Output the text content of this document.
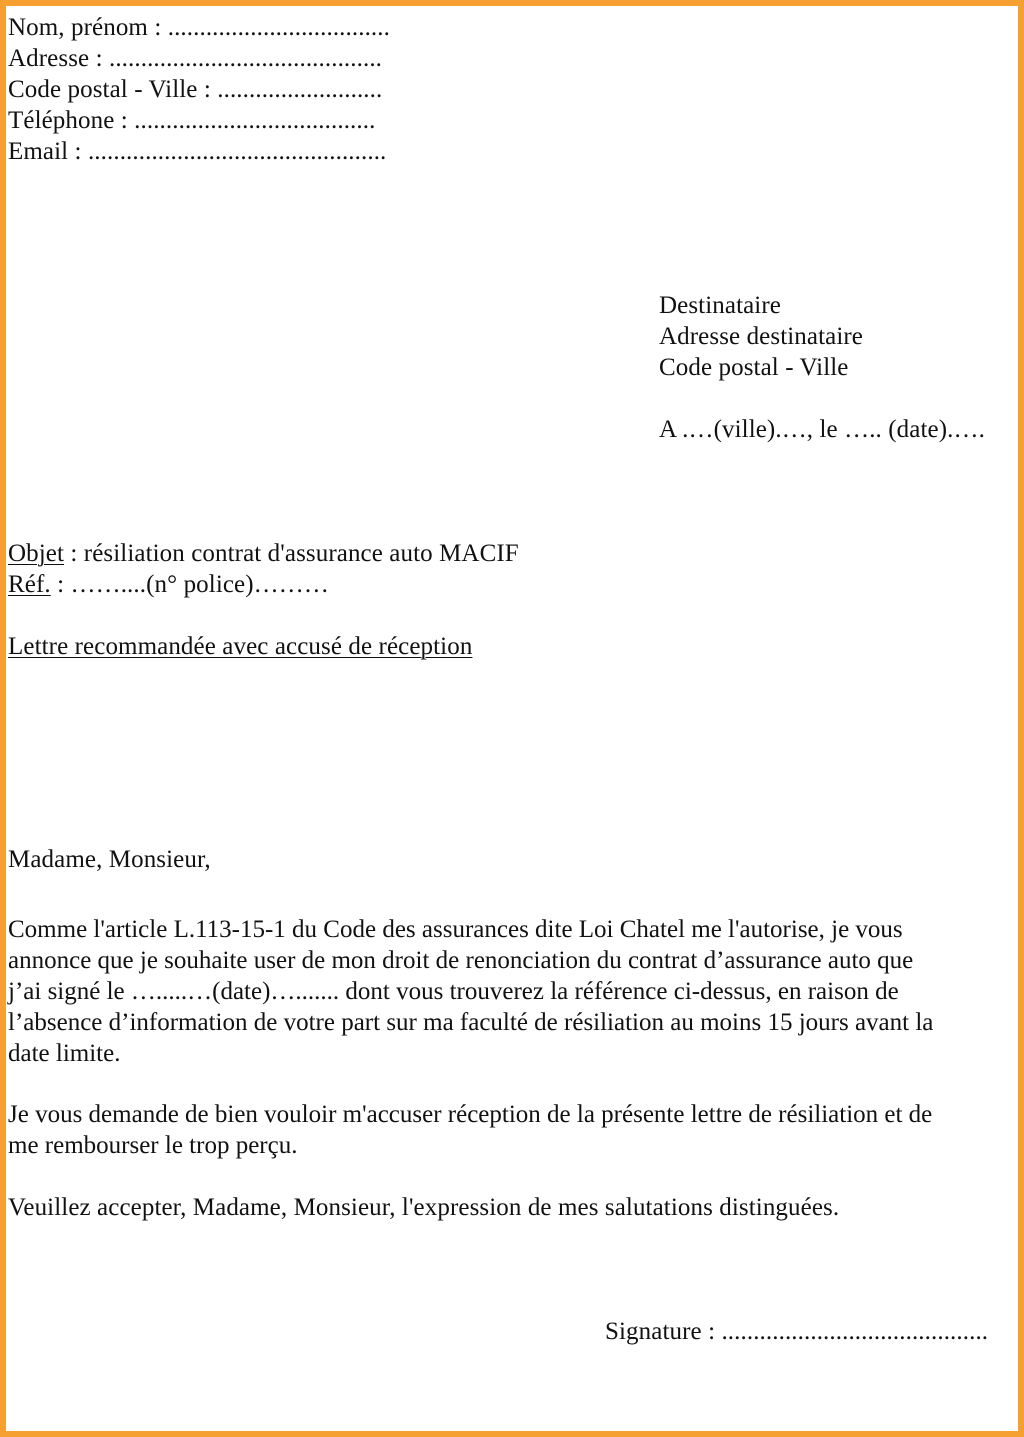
Nom, prénom : ...................................
Adresse : ...........................................
Code postal - Ville : ..........................
Téléphone : ......................................
Email : ...............................................
Destinataire
Adresse destinataire
Code postal - Ville
A .…(ville).…, le ….. (date).….
Objet : résiliation contrat d'assurance auto MACIF
Réf. : ……....(n° police)………
Lettre recommandée avec accusé de réception
Madame, Monsieur,
Comme l'article L.113-15-1 du Code des assurances dite Loi Chatel me l'autorise, je vous
annonce que je souhaite user de mon droit de renonciation du contrat d’assurance auto que
j’ai signé le ….....…(date)…....... dont vous trouverez la référence ci-dessus, en raison de
l’absence d’information de votre part sur ma faculté de résiliation au moins 15 jours avant la
date limite.
Je vous demande de bien vouloir m'accuser réception de la présente lettre de résiliation et de
me rembourser le trop perçu.
Veuillez accepter, Madame, Monsieur, l'expression de mes salutations distinguées.
Signature : ..........................................
